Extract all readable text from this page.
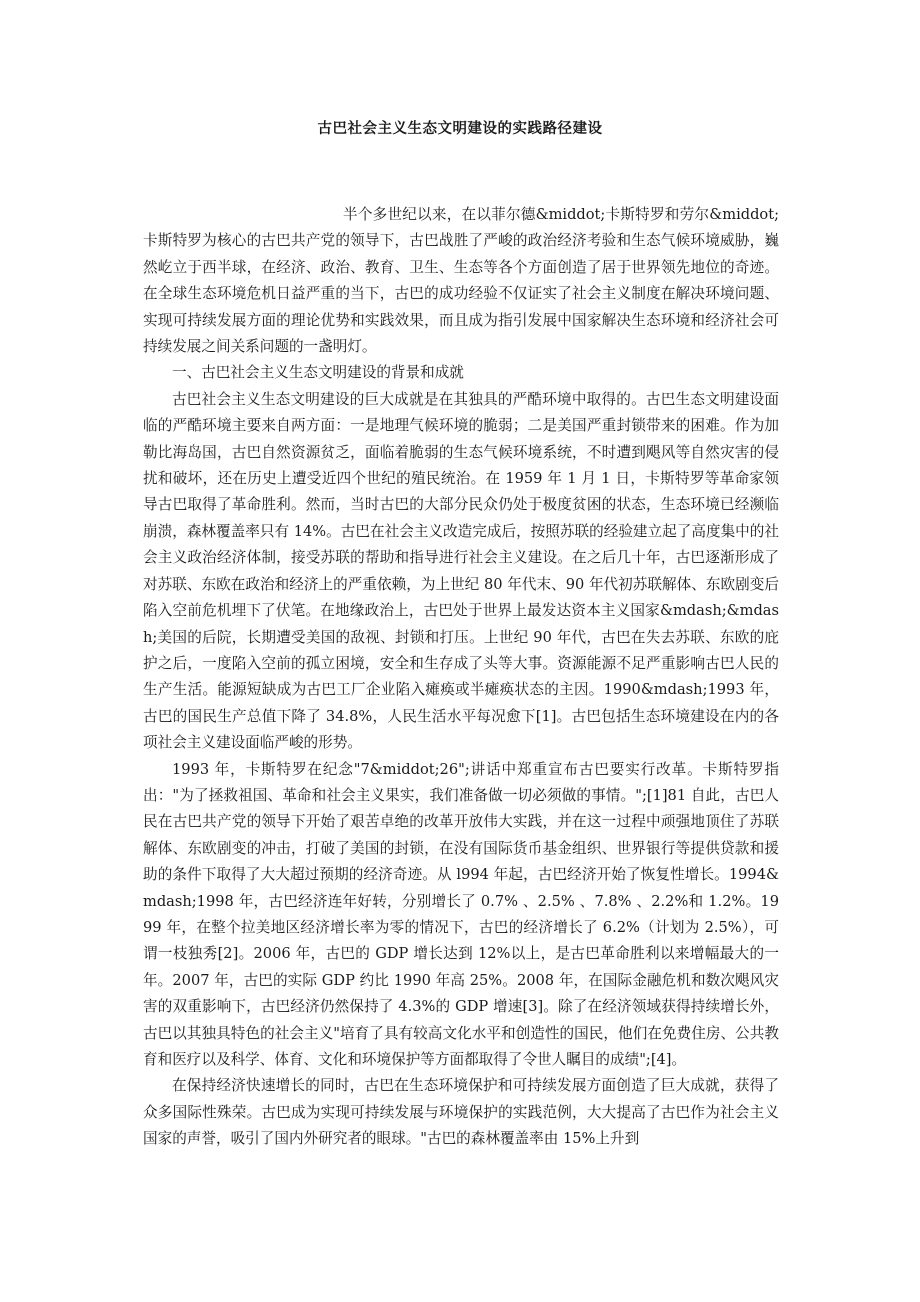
古巴社会主义生态文明建设的实践路径建设

半个多世纪以来，在以菲尔德&middot;卡斯特罗和劳尔&middot;卡斯特罗为核心的古巴共产党的领导下，古巴战胜了严峻的政治经济考验和生态气候环境威胁，巍然屹立于西半球，在经济、政治、教育、卫生、生态等各个方面创造了居于世界领先地位的奇迹。在全球生态环境危机日益严重的当下，古巴的成功经验不仅证实了社会主义制度在解决环境问题、实现可持续发展方面的理论优势和实践效果，而且成为指引发展中国家解决生态环境和经济社会可持续发展之间关系问题的一盏明灯。

一、古巴社会主义生态文明建设的背景和成就

古巴社会主义生态文明建设的巨大成就是在其独具的严酷环境中取得的。古巴生态文明建设面临的严酷环境主要来自两方面：一是地理气候环境的脆弱；二是美国严重封锁带来的困难。作为加勒比海岛国，古巴自然资源贫乏，面临着脆弱的生态气候环境系统，不时遭到飓风等自然灾害的侵扰和破坏，还在历史上遭受近四个世纪的殖民统治。在 1959 年 1 月 1 日，卡斯特罗等革命家领导古巴取得了革命胜利。然而，当时古巴的大部分民众仍处于极度贫困的状态，生态环境已经濒临崩溃，森林覆盖率只有 14%。古巴在社会主义改造完成后，按照苏联的经验建立起了高度集中的社会主义政治经济体制，接受苏联的帮助和指导进行社会主义建设。在之后几十年，古巴逐渐形成了对苏联、东欧在政治和经济上的严重依赖，为上世纪 80 年代末、90 年代初苏联解体、东欧剧变后陷入空前危机埋下了伏笔。在地缘政治上，古巴处于世界上最发达资本主义国家&mdash;&mdash;美国的后院，长期遭受美国的敌视、封锁和打压。上世纪 90 年代，古巴在失去苏联、东欧的庇护之后，一度陷入空前的孤立困境，安全和生存成了头等大事。资源能源不足严重影响古巴人民的生产生活。能源短缺成为古巴工厂企业陷入瘫痪或半瘫痪状态的主因。1990&mdash;1993 年，古巴的国民生产总值下降了 34.8%，人民生活水平每况愈下[1]。古巴包括生态环境建设在内的各项社会主义建设面临严峻的形势。

1993 年，卡斯特罗在纪念"7&middot;26";讲话中郑重宣布古巴要实行改革。卡斯特罗指出："为了拯救祖国、革命和社会主义果实，我们准备做一切必须做的事情。";[1]81 自此，古巴人民在古巴共产党的领导下开始了艰苦卓绝的改革开放伟大实践，并在这一过程中顽强地顶住了苏联解体、东欧剧变的冲击，打破了美国的封锁，在没有国际货币基金组织、世界银行等提供贷款和援助的条件下取得了大大超过预期的经济奇迹。从 l994 年起，古巴经济开始了恢复性增长。1994&mdash;1998 年，古巴经济连年好转，分别增长了 0.7% 、2.5% 、7.8% 、2.2%和 1.2%。1999 年，在整个拉美地区经济增长率为零的情况下，古巴的经济增长了 6.2%（计划为 2.5%），可谓一枝独秀[2]。2006 年，古巴的 GDP 增长达到 12%以上，是古巴革命胜利以来增幅最大的一年。2007 年，古巴的实际 GDP 约比 1990 年高 25%。2008 年，在国际金融危机和数次飓风灾害的双重影响下，古巴经济仍然保持了 4.3%的 GDP 增速[3]。除了在经济领域获得持续增长外，古巴以其独具特色的社会主义"培育了具有较高文化水平和创造性的国民，他们在免费住房、公共教育和医疗以及科学、体育、文化和环境保护等方面都取得了令世人瞩目的成绩";[4]。

在保持经济快速增长的同时，古巴在生态环境保护和可持续发展方面创造了巨大成就，获得了众多国际性殊荣。古巴成为实现可持续发展与环境保护的实践范例，大大提高了古巴作为社会主义国家的声誉，吸引了国内外研究者的眼球。"古巴的森林覆盖率由 15%上升到
